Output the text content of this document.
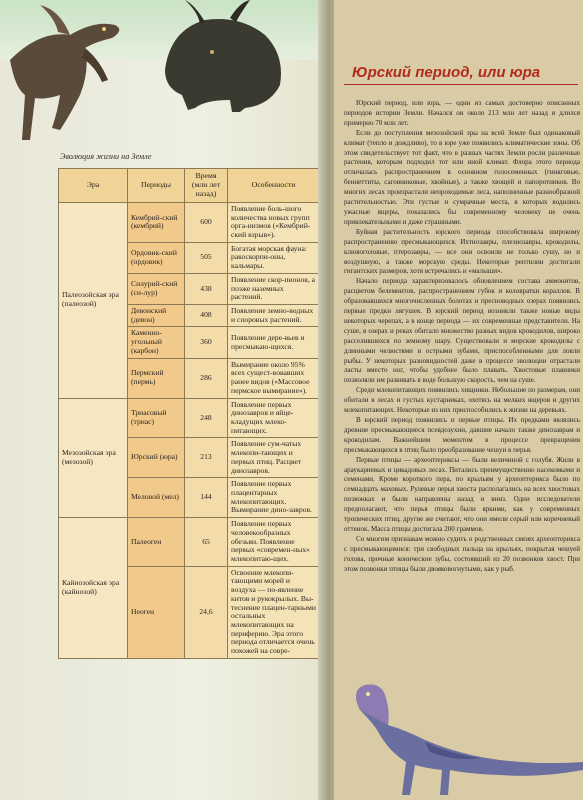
Эволюция жизни на Земле
Эра	Периоды	Время (млн лет назад)	Особенности
Палеозойская эра (палеозой)	Кембрий-ский (кембрий)	600	Появление боль-шого количества новых групп орга-низмов («Кембрий-ский взрыв»).
	Ордовик-ский (ордовик)	505	Богатая морская фауна: ракоскорпи-оны, кальмары.
	Силурий-ский (си-лур)	438	Появление скор-пионов, а позже наземных растений.
	Девонский (девон)	408	Появление земно-водных и споровых растений.
	Каменно-угольный (карбон)	360	Появление дере-вьев и пресмыкаю-щихся.
	Пермский (пермь)	286	Вымирание около 95% всех сущест-вовавших ранее видов («Массовое пермское вымирание»).
Мезозойская эра (мезозой)	Триасовый (триас)	248	Появление первых динозавров и яйце-кладущих млеко-питающих.
	Юрский (юра)	213	Появление сум-чатых млекопи-тающих и первых птиц. Расцвет динозавров.
	Меловой (мел)	144	Появление первых плацентарных млекопитающих. Вымирание дино-завров.
Кайнозойская эра (кайнозой)	Палеоген	65	Появление первых человекообразных обезьян. Появление первых «современ-ных» млекопитаю-щих.
	Неоген	24,6	Освоение млекопи-тающими морей и воздуха — по-явление китов и рукокрылых. Вы-теснение плацен-тарными остальных млекопитающих на периферию. Эра этого периода отличается очень похожей на совре-
Юрский период, или юра

Юрский период, или юра, — один из самых достоверно описанных периодов истории Земли. Начался он около 213 млн лет назад и длился примерно 70 млн лет.

Если до поступления мезозойской эры на всей Земле был одинаковый климат (тепло и дождливо), то в юре уже появились климатические зоны. Об этом свидетельствует тот факт, что в разных частях Земли росли различные растения, которым подходил тот или иной климат. Флора этого периода отличалась распространением в основном голосеменных (гинкговые, беннеттиты, саговниковые, хвойные), а также хвощей и папоротников. Во многих лесах произрастали непроходимые леса, наполненные разнообразной растительностью. Эти густые и сумрачные места, в которых водились ужасные ящеры, показались бы современному человеку не очень привлекательными и даже страшными.

Буйная растительность юрского периода способствовала широкому распространению пресмыкающихся. Ихтиозавры, плезиозавры, крокодилы, клювоголовые, птерозавры, — все они освоили не только сушу, но и воздушную, а также морскую среды. Некоторые рептилии достигали гигантских размеров, хотя встречались и «малыши».

Начало периода характеризовалось обновлением состава аммонитов, расцветом белемнитов, распространением губок и коловратки кораллов. В образовавшихся многочисленных болотах и пресноводных озерах появились первые предки лягушек. В юрский период возникли также новые виды некоторых черепах, а в конце периода — их современные представители. На суше, в озерах и реках обитало множество разных видов крокодилов, широко расселившихся по земному шару. Существовали и морские крокодилы с длинными челюстями и острыми зубами, приспособленными для ловли рыбы. У некоторых разновидностей даже в процессе эволюции отрастали ласты вместо ног, чтобы удобнее было плавать. Хвостовые плавники позволяли им развивать в воде большую скорость, чем на суше.

Среди млекопитающих появились хищники. Небольшие по размерам, они обитали в лесах и густых кустарниках, охотясь на мелких ящеров и других млекопитающих. Некоторые из них приспособились к жизни на деревьях.

В юрский период появились и первые птицы. Их предками являлись древние пресмыкающиеся псевдозухии, давшие начало также динозаврам и крокодилам. Важнейшим моментом в процессе превращения пресмыкающихся в птиц было преобразование чешуи в перья.

Первые птицы — археоптериксы — были величиной с голубя. Жили в араукариевых и цикадовых лесах. Питались преимущественно насекомыми и семенами. Кроме короткого пера, по крыльям у археоптерикса было по семнадцать маховых. Рулевые перья хвоста располагались на всех хвостовых позвонках и были направлены назад и вниз. Одни исследователи предполагают, что перья птицы были яркими, как у современных тропических птиц, другие же считают, что они имели серый или коричневый оттенок. Масса птицы достигала 200 граммов.

Со многим признакам можно судить о родственных связях археоптерикса с пресмыкающимися: три свободных пальца на крыльях, покрытая чешуей голова, прочные конические зубы, состоявший из 20 позвонков хвост. При этом позвонки птицы были двояковогнутыми, как у рыб.
